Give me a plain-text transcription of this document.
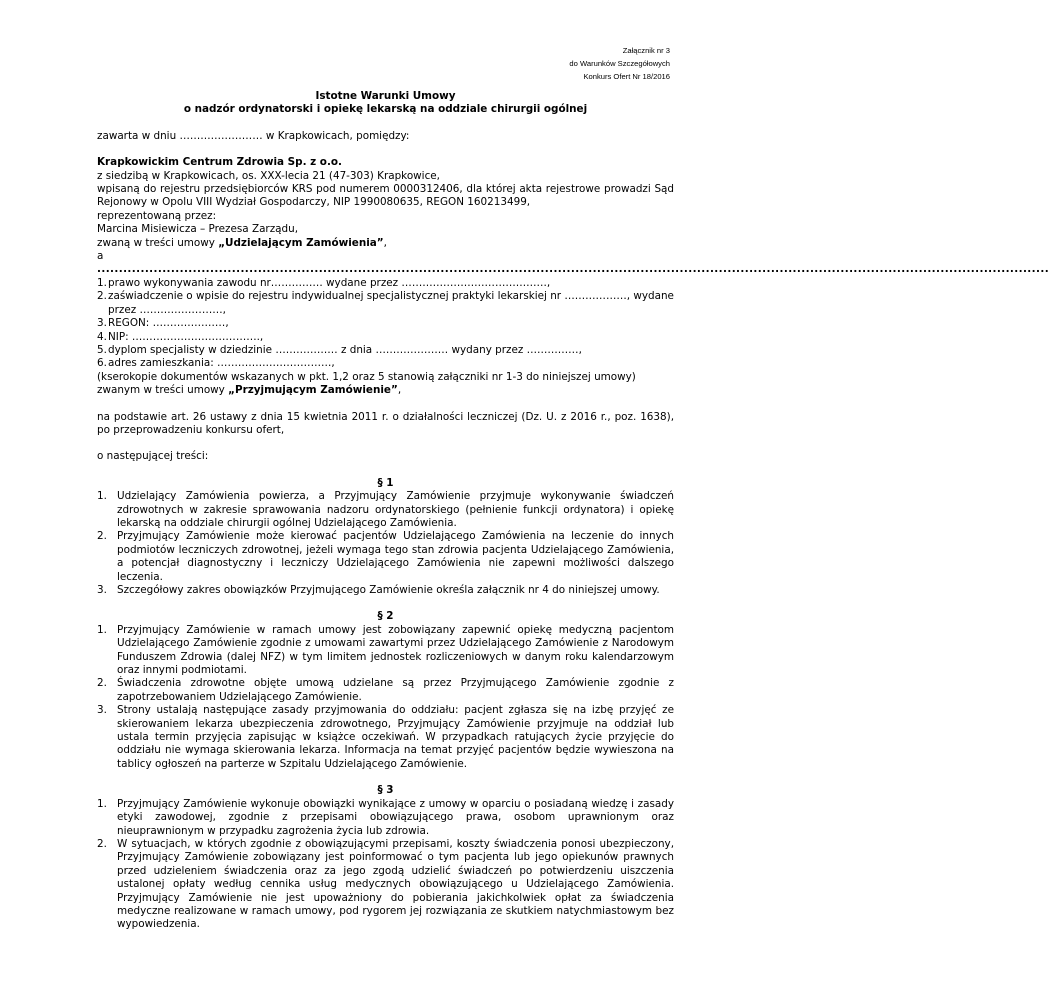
Załącznik nr 3
do Warunków Szczegółowych
Konkurs Ofert Nr 18/2016

Istotne Warunki Umowy

o nadzór ordynatorski i opiekę lekarską na oddziale chirurgii ogólnej

zawarta w dniu …………………… w Krapkowicach, pomiędzy:

Krapkowickim Centrum Zdrowia Sp. z o.o.

z siedzibą w Krapkowicach, os. XXX-lecia 21 (47-303) Krapkowice,

wpisaną do rejestru przedsiębiorców KRS pod numerem 0000312406, dla której akta rejestrowe prowadzi Sąd Rejonowy w Opolu VIII Wydział Gospodarczy, NIP 1990080635, REGON 160213499,

reprezentowaną przez:

Marcina Misiewicza – Prezesa Zarządu,

zwaną w treści umowy „Udzielającym Zamówienia”,

a

...........................................................................................................................................................................................................................

1. prawo wykonywania zawodu nr…………… wydane przez ……………………………………,
2. zaświadczenie o wpisie do rejestru indywidualnej specjalistycznej praktyki lekarskiej nr ………………, wydane przez ……………………,
3. REGON: …………………,
4. NIP: ……………………………….,
5. dyplom specjalisty w dziedzinie ……………… z dnia ………………… wydany przez ……………,
6. adres zamieszkania: ……………………………,

(kserokopie dokumentów wskazanych w pkt. 1,2 oraz 5 stanowią załączniki nr 1-3 do niniejszej umowy)

zwanym w treści umowy „Przyjmującym Zamówienie”,

na podstawie art. 26 ustawy z dnia 15 kwietnia 2011 r. o działalności leczniczej (Dz. U. z 2016 r., poz. 1638), po przeprowadzeniu konkursu ofert,

o następującej treści:

§ 1

1. Udzielający Zamówienia powierza, a Przyjmujący Zamówienie przyjmuje wykonywanie świadczeń zdrowotnych w zakresie sprawowania nadzoru ordynatorskiego (pełnienie funkcji ordynatora) i opiekę lekarską na oddziale chirurgii ogólnej Udzielającego Zamówienia.
2. Przyjmujący Zamówienie może kierować pacjentów Udzielającego Zamówienia na leczenie do innych podmiotów leczniczych zdrowotnej, jeżeli wymaga tego stan zdrowia pacjenta Udzielającego Zamówienia, a potencjał diagnostyczny i leczniczy Udzielającego Zamówienia nie zapewni możliwości dalszego leczenia.
3. Szczegółowy zakres obowiązków Przyjmującego Zamówienie określa załącznik nr 4 do niniejszej umowy.

§ 2

1. Przyjmujący Zamówienie w ramach umowy jest zobowiązany zapewnić opiekę medyczną pacjentom Udzielającego Zamówienie zgodnie z umowami zawartymi przez Udzielającego Zamówienie z Narodowym Funduszem Zdrowia (dalej NFZ) w tym limitem jednostek rozliczeniowych w danym roku kalendarzowym oraz innymi podmiotami.
2. Świadczenia zdrowotne objęte umową udzielane są przez Przyjmującego Zamówienie zgodnie z zapotrzebowaniem Udzielającego Zamówienie.
3. Strony ustalają następujące zasady przyjmowania do oddziału: pacjent zgłasza się na izbę przyjęć ze skierowaniem lekarza ubezpieczenia zdrowotnego, Przyjmujący Zamówienie przyjmuje na oddział lub ustala termin przyjęcia zapisując w książce oczekiwań. W przypadkach ratujących życie przyjęcie do oddziału nie wymaga skierowania lekarza. Informacja na temat przyjęć pacjentów będzie wywieszona na tablicy ogłoszeń na parterze w Szpitalu Udzielającego Zamówienie.

§ 3

1. Przyjmujący Zamówienie wykonuje obowiązki wynikające z umowy w oparciu o posiadaną wiedzę i zasady etyki zawodowej, zgodnie z przepisami obowiązującego prawa, osobom uprawnionym oraz nieuprawnionym w przypadku zagrożenia życia lub zdrowia.
2. W sytuacjach, w których zgodnie z obowiązującymi przepisami, koszty świadczenia ponosi ubezpieczony, Przyjmujący Zamówienie zobowiązany jest poinformować o tym pacjenta lub jego opiekunów prawnych przed udzieleniem świadczenia oraz za jego zgodą udzielić świadczeń po potwierdzeniu uiszczenia ustalonej opłaty według cennika usług medycznych obowiązującego u Udzielającego Zamówienia. Przyjmujący Zamówienie nie jest upoważniony do pobierania jakichkolwiek opłat za świadczenia medyczne realizowane w ramach umowy, pod rygorem jej rozwiązania ze skutkiem natychmiastowym bez wypowiedzenia.
